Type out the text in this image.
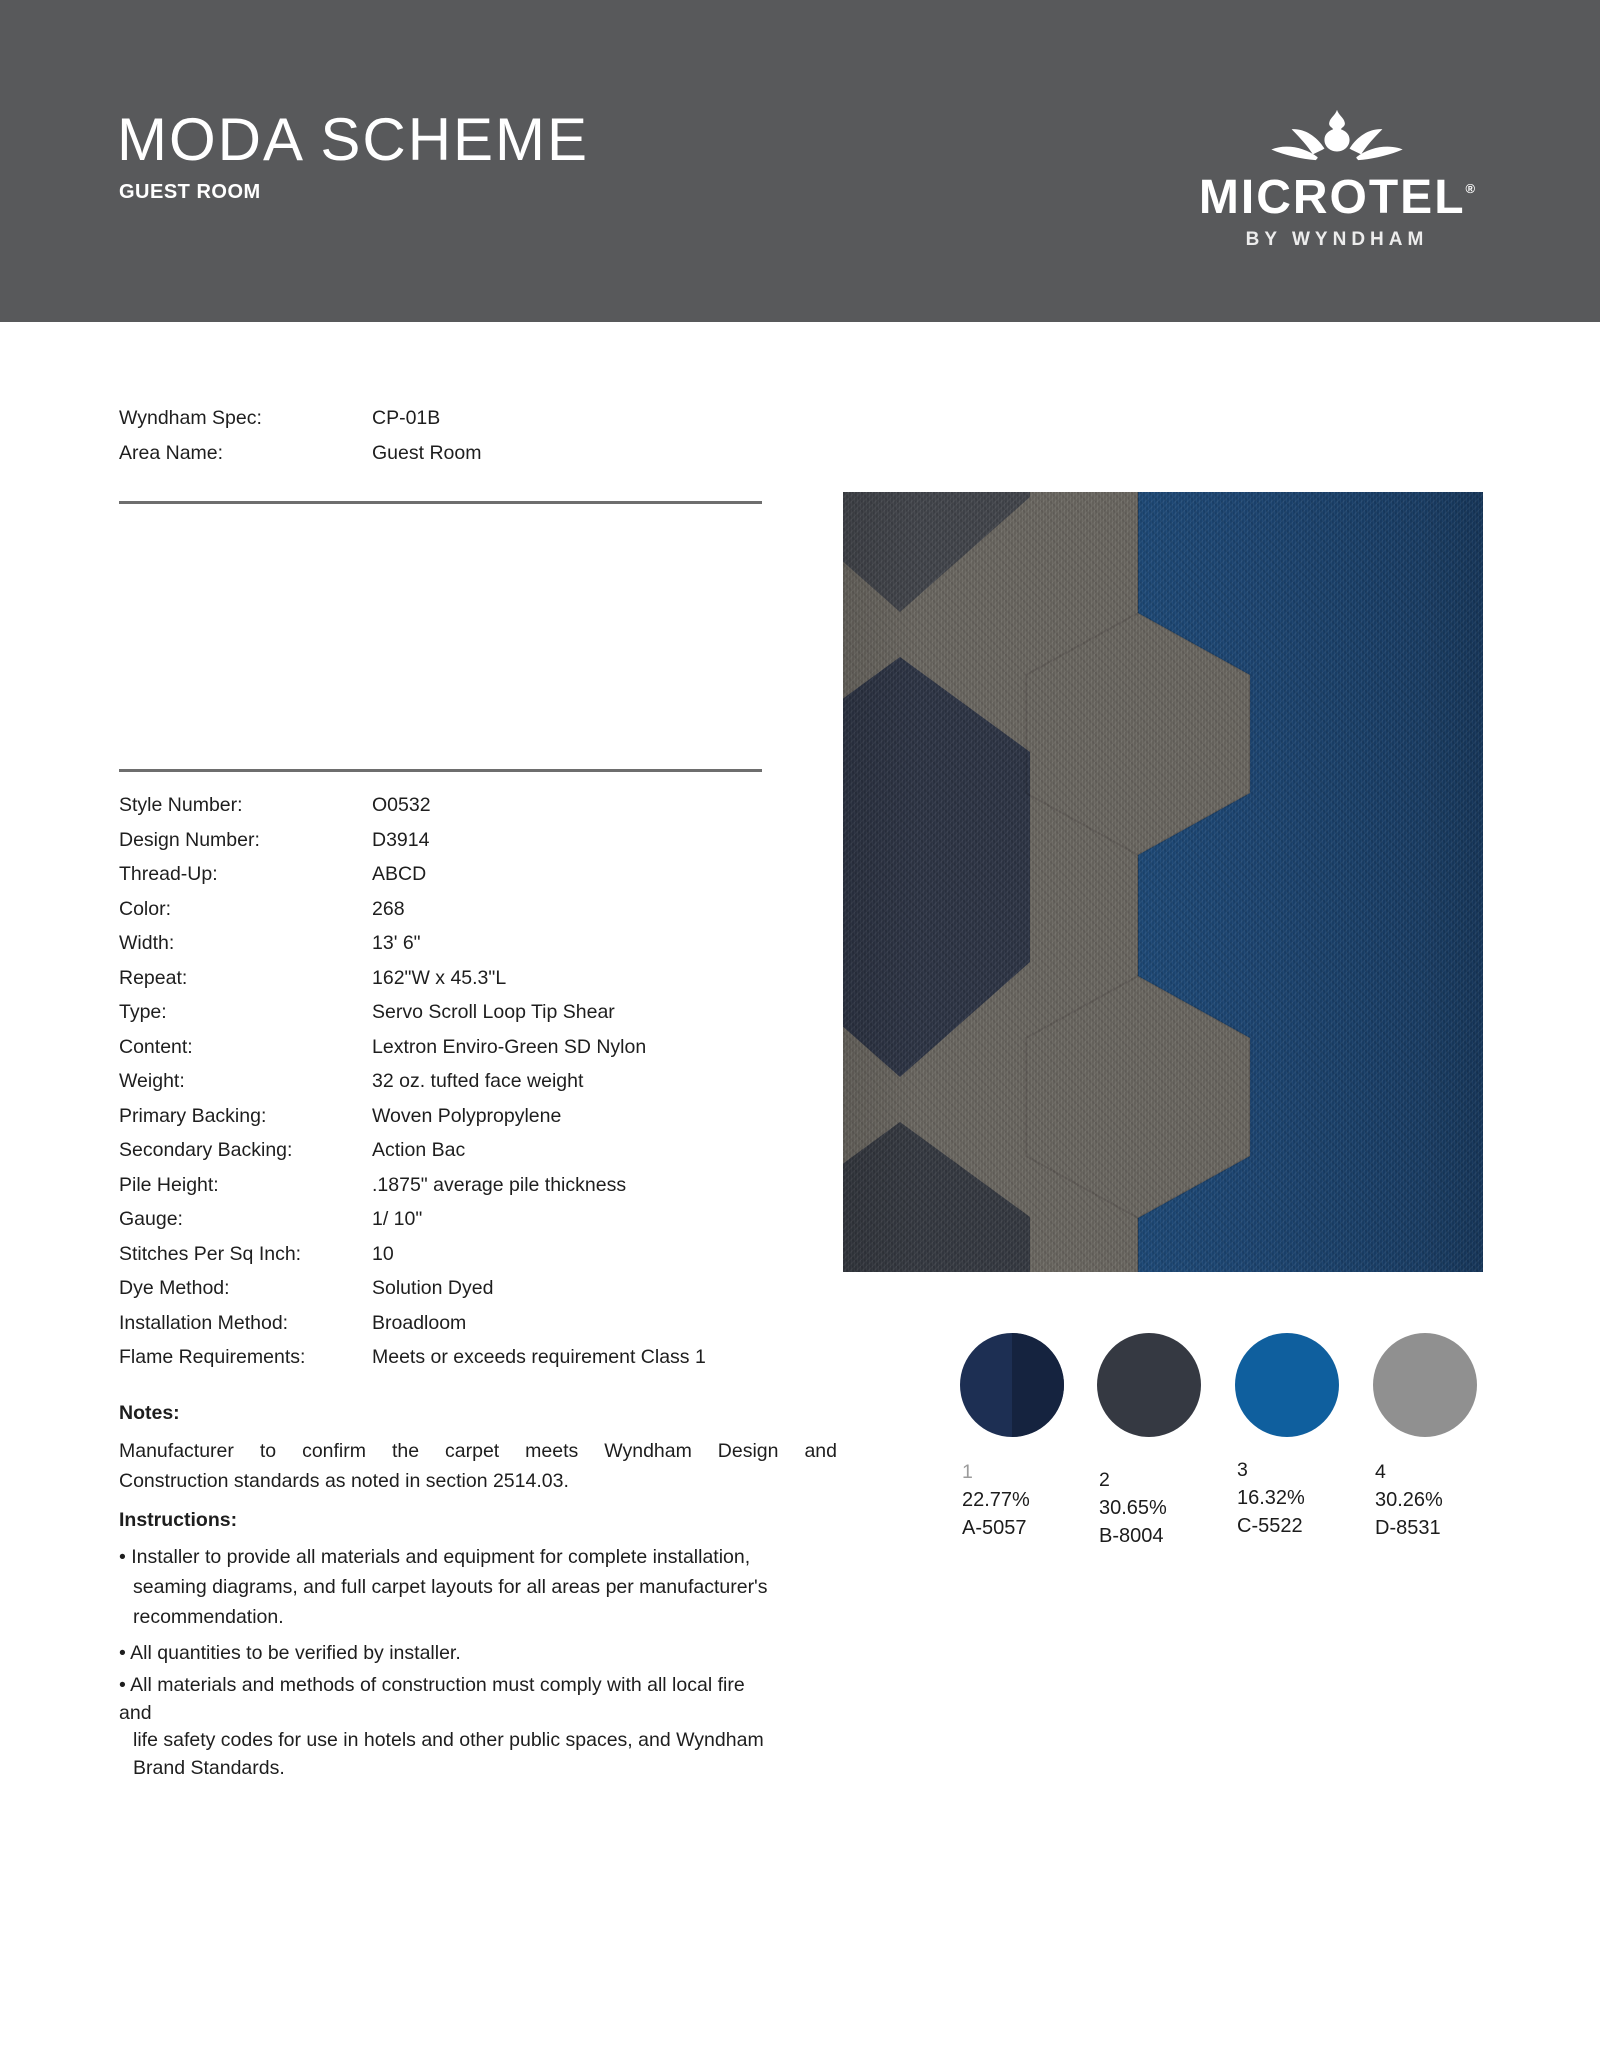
MODA SCHEME
GUEST ROOM	MICROTEL®
BY WYNDHAM
Wyndham Spec:	CP-01B
Area Name:	Guest Room
Style Number:	O0532
Design Number:	D3914
Thread-Up:	ABCD
Color:	268
Width:	13' 6"
Repeat:	162"W x 45.3"L
Type:	Servo Scroll Loop Tip Shear
Content:	Lextron Enviro-Green SD Nylon
Weight:	32 oz. tufted face weight
Primary Backing:	Woven Polypropylene
Secondary Backing:	Action Bac
Pile Height:	.1875" average pile thickness
Gauge:	1/ 10"
Stitches Per Sq Inch:	10
Dye Method:	Solution Dyed
Installation Method:	Broadloom
Flame Requirements:	Meets or exceeds requirement Class 1
Notes:
Manufacturer to confirm the carpet meets Wyndham Design and
Construction standards as noted in section 2514.03.
Instructions:
• Installer to provide all materials and equipment for complete installation,
seaming diagrams, and full carpet layouts for all areas per manufacturer's
recommendation.
• All quantities to be verified by installer.
• All materials and methods of construction must comply with all local fire
and
life safety codes for use in hotels and other public spaces, and Wyndham
Brand Standards.
1
22.77%
A-5057
2
30.65%
B-8004
3
16.32%
C-5522
4
30.26%
D-8531
